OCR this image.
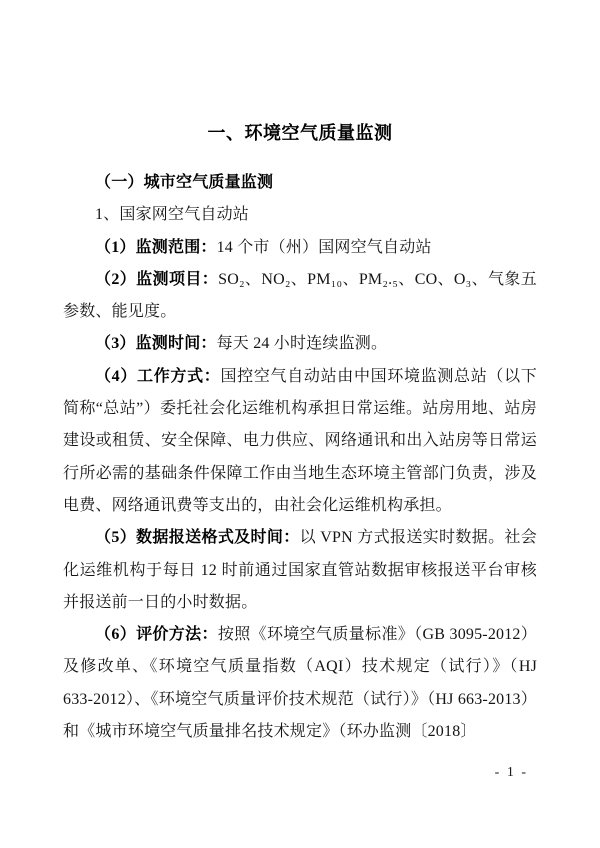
一、环境空气质量监测

（一）城市空气质量监测

1、国家网空气自动站

（1）监测范围：14 个市（州）国网空气自动站

（2）监测项目：SO₂、NO₂、PM₁₀、PM₂.₅、CO、O₃、气象五参数、能见度。

（3）监测时间：每天 24 小时连续监测。

（4）工作方式：国控空气自动站由中国环境监测总站（以下简称“总站”）委托社会化运维机构承担日常运维。站房用地、站房建设或租赁、安全保障、电力供应、网络通讯和出入站房等日常运行所必需的基础条件保障工作由当地生态环境主管部门负责，涉及电费、网络通讯费等支出的，由社会化运维机构承担。

（5）数据报送格式及时间：以 VPN 方式报送实时数据。社会化运维机构于每日 12 时前通过国家直管站数据审核报送平台审核并报送前一日的小时数据。

（6）评价方法：按照《环境空气质量标准》（GB 3095-2012）及修改单、《环境空气质量指数（AQI）技术规定（试行）》（HJ 633-2012）、《环境空气质量评价技术规范（试行）》（HJ 663-2013）和《城市环境空气质量排名技术规定》（环办监测〔2018〕

- 1 -
